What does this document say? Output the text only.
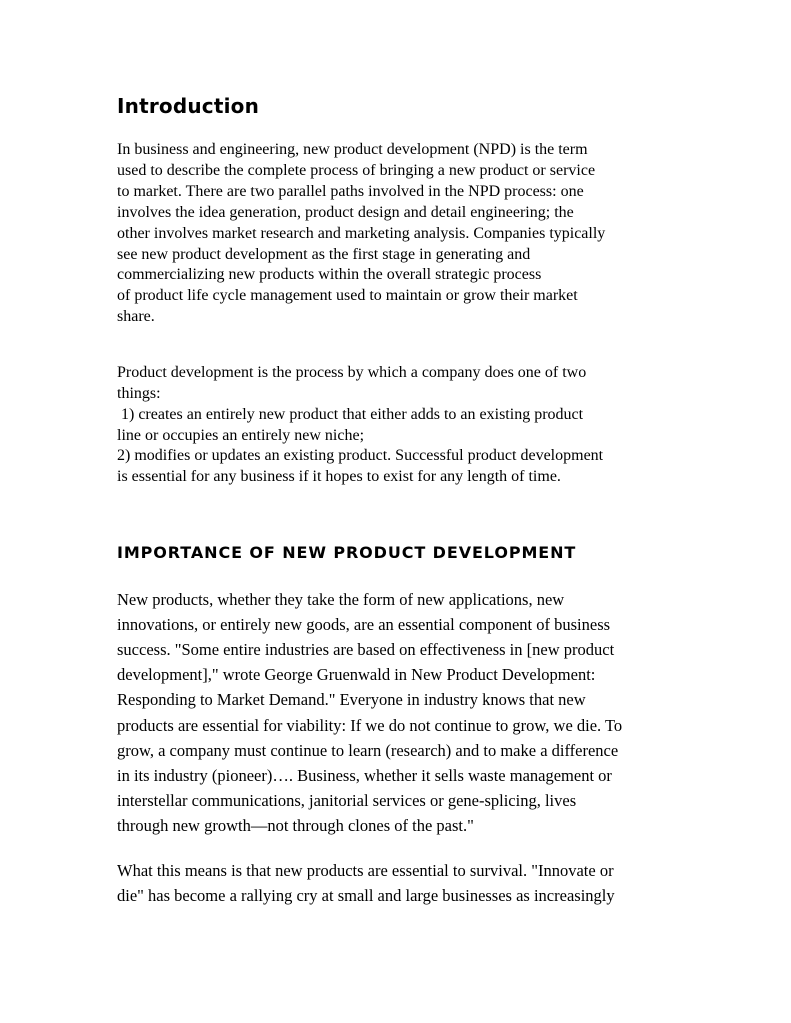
Introduction
In business and engineering, new product development (NPD) is the term
used to describe the complete process of bringing a new product or service
to market. There are two parallel paths involved in the NPD process: one
involves the idea generation, product design and detail engineering; the
other involves market research and marketing analysis. Companies typically
see new product development as the first stage in generating and
commercializing new products within the overall strategic process
of product life cycle management used to maintain or grow their market
share.
Product development is the process by which a company does one of two
things:
1) creates an entirely new product that either adds to an existing product
line or occupies an entirely new niche;
2) modifies or updates an existing product. Successful product development
is essential for any business if it hopes to exist for any length of time.
IMPORTANCE OF NEW PRODUCT DEVELOPMENT
New products, whether they take the form of new applications, new
innovations, or entirely new goods, are an essential component of business
success. "Some entire industries are based on effectiveness in [new product
development]," wrote George Gruenwald in New Product Development:
Responding to Market Demand." Everyone in industry knows that new
products are essential for viability: If we do not continue to grow, we die. To
grow, a company must continue to learn (research) and to make a difference
in its industry (pioneer)…. Business, whether it sells waste management or
interstellar communications, janitorial services or gene-splicing, lives
through new growth—not through clones of the past."
What this means is that new products are essential to survival. "Innovate or
die" has become a rallying cry at small and large businesses as increasingly
